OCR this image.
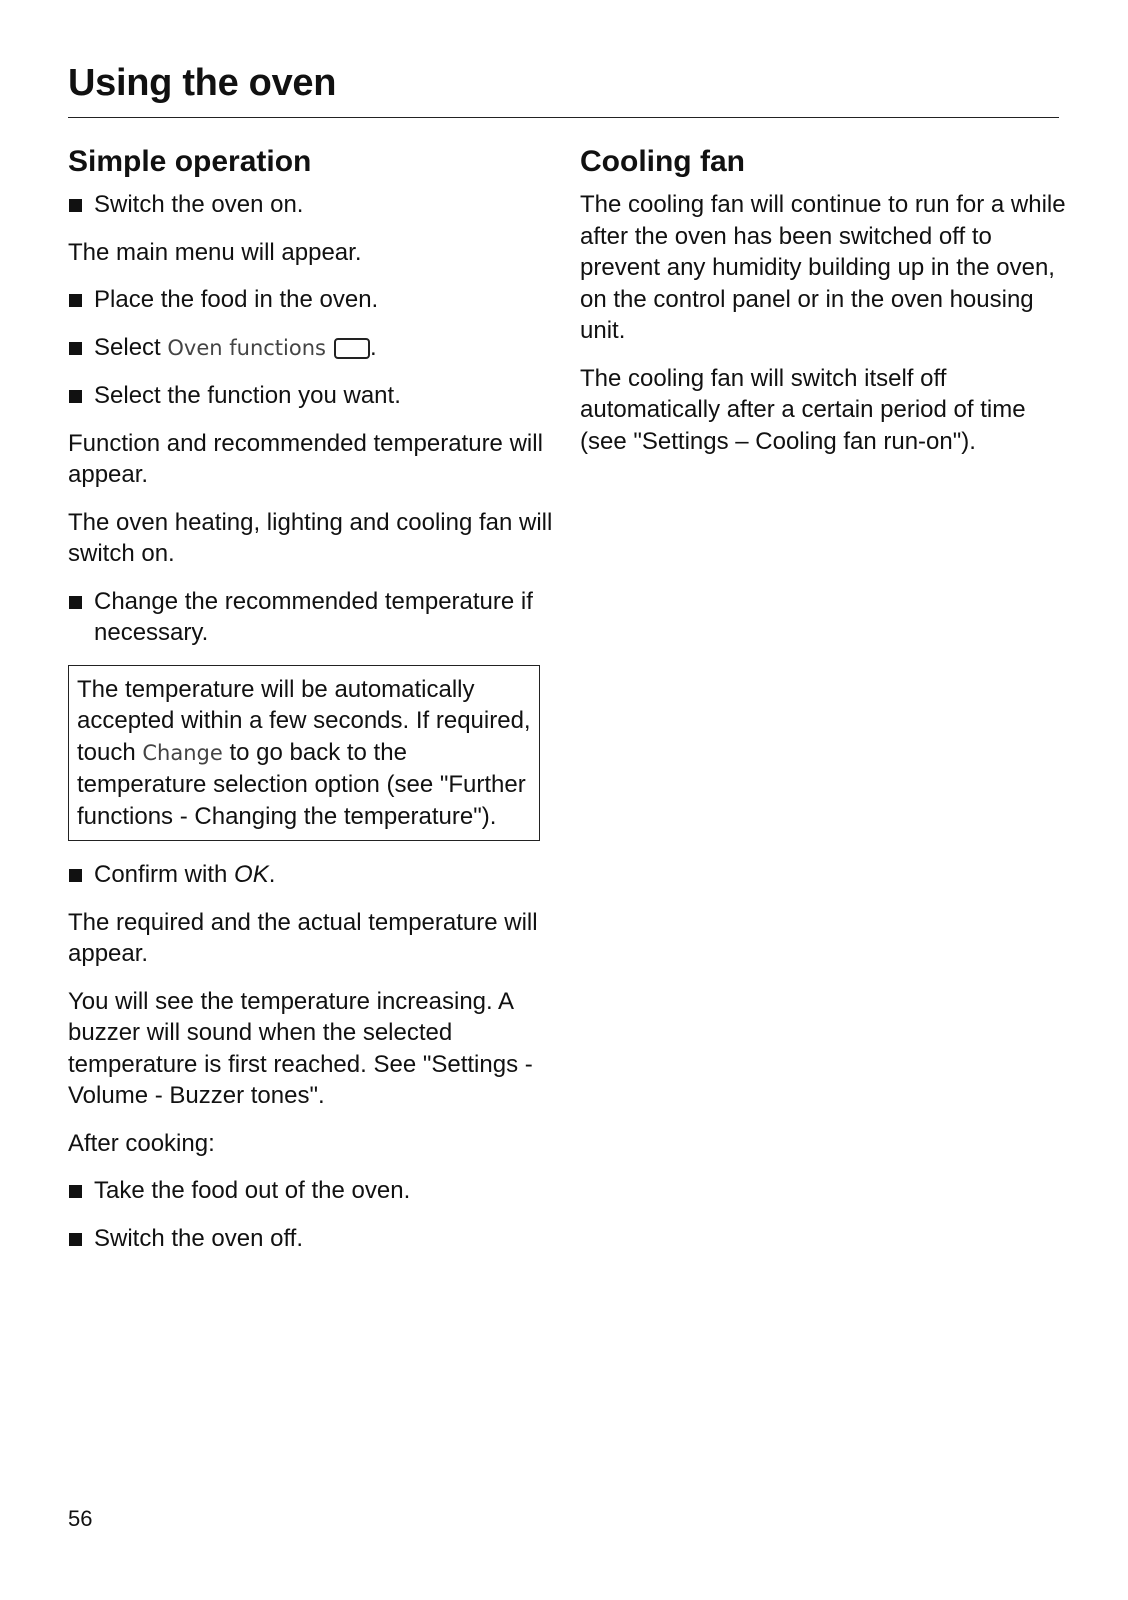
Using the oven
Simple operation
Switch the oven on.

The main menu will appear.

Place the food in the oven.
Select Oven functions .
Select the function you want.

Function and recommended temperature will appear.

The oven heating, lighting and cooling fan will switch on.

Change the recommended temperature if necessary.

The temperature will be automatically accepted within a few seconds. If required, touch Change to go back to the temperature selection option (see "Further functions - Changing the temperature").

Confirm with OK.

The required and the actual temperature will appear.

You will see the temperature increasing. A buzzer will sound when the selected temperature is first reached. See "Settings - Volume - Buzzer tones".

After cooking:

Take the food out of the oven.
Switch the oven off.
Cooling fan

The cooling fan will continue to run for a while after the oven has been switched off to prevent any humidity building up in the oven, on the control panel or in the oven housing unit.

The cooling fan will switch itself off automatically after a certain period of time (see "Settings – Cooling fan run-on").

56
